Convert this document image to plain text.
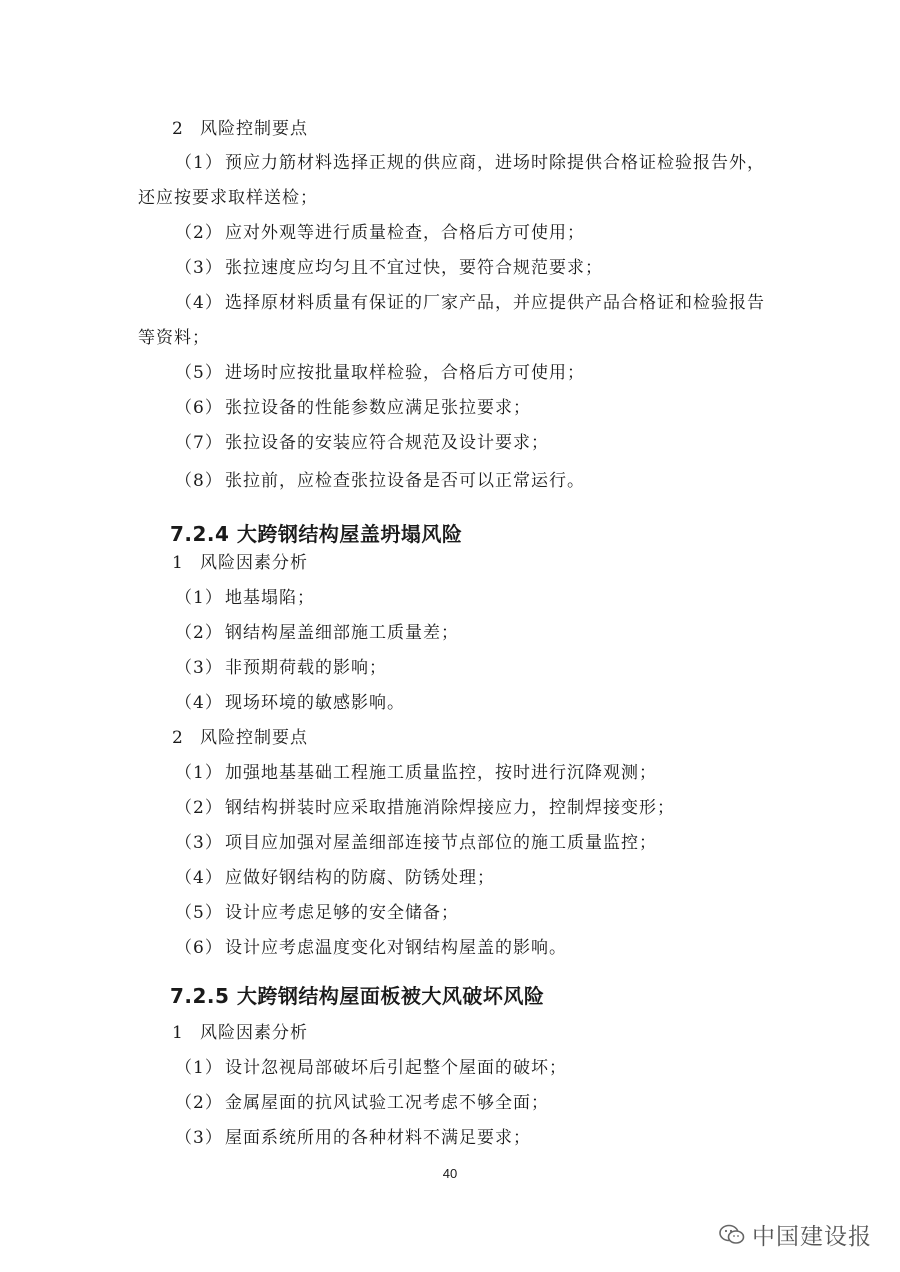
2 风险控制要点
（1） 预应力筋材料选择正规的供应商，进场时除提供合格证检验报告外，
还应按要求取样送检；
（2） 应对外观等进行质量检查，合格后方可使用；
（3） 张拉速度应均匀且不宜过快，要符合规范要求；
（4） 选择原材料质量有保证的厂家产品，并应提供产品合格证和检验报告
等资料；
（5） 进场时应按批量取样检验，合格后方可使用；
（6） 张拉设备的性能参数应满足张拉要求；
（7） 张拉设备的安装应符合规范及设计要求；
（8） 张拉前，应检查张拉设备是否可以正常运行。
7.2.4 大跨钢结构屋盖坍塌风险
1 风险因素分析
（1） 地基塌陷；
（2） 钢结构屋盖细部施工质量差；
（3） 非预期荷载的影响；
（4） 现场环境的敏感影响。
2 风险控制要点
（1） 加强地基基础工程施工质量监控，按时进行沉降观测；
（2） 钢结构拼装时应采取措施消除焊接应力，控制焊接变形；
（3） 项目应加强对屋盖细部连接节点部位的施工质量监控；
（4） 应做好钢结构的防腐、防锈处理；
（5） 设计应考虑足够的安全储备；
（6） 设计应考虑温度变化对钢结构屋盖的影响。
7.2.5 大跨钢结构屋面板被大风破坏风险
1 风险因素分析
（1） 设计忽视局部破坏后引起整个屋面的破坏；
（2） 金属屋面的抗风试验工况考虑不够全面；
（3） 屋面系统所用的各种材料不满足要求；
40
中国建设报
